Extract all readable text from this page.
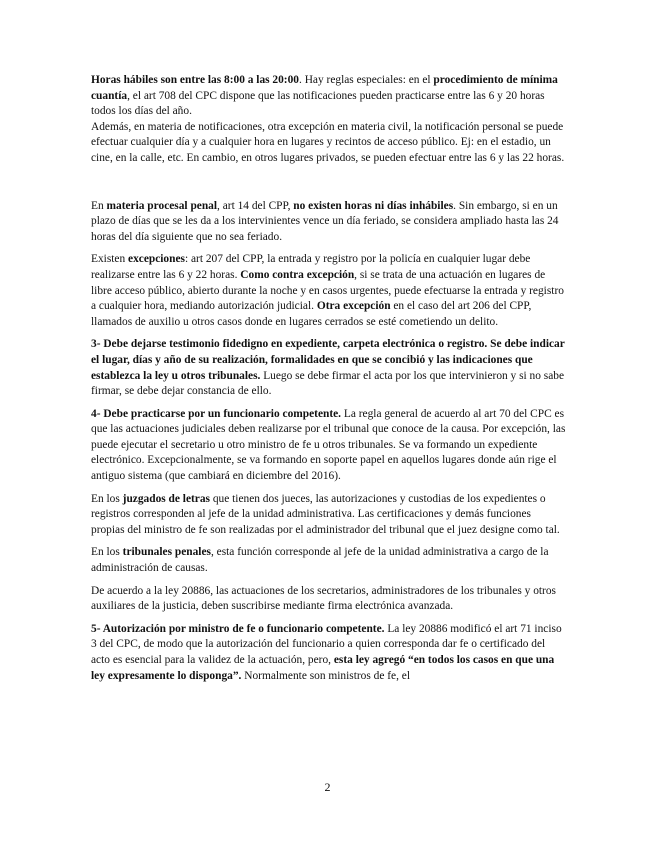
Horas hábiles son entre las 8:00 a las 20:00. Hay reglas especiales: en el procedimiento de mínima cuantía, el art 708 del CPC dispone que las notificaciones pueden practicarse entre las 6 y 20 horas todos los días del año.

Además, en materia de notificaciones, otra excepción en materia civil, la notificación personal se puede efectuar cualquier día y a cualquier hora en lugares y recintos de acceso público. Ej: en el estadio, un cine, en la calle, etc. En cambio, en otros lugares privados, se pueden efectuar entre las 6 y las 22 horas.

En materia procesal penal, art 14 del CPP, no existen horas ni días inhábiles. Sin embargo, si en un plazo de días que se les da a los intervinientes vence un día feriado, se considera ampliado hasta las 24 horas del día siguiente que no sea feriado.

Existen excepciones: art 207 del CPP, la entrada y registro por la policía en cualquier lugar debe realizarse entre las 6 y 22 horas. Como contra excepción, si se trata de una actuación en lugares de libre acceso público, abierto durante la noche y en casos urgentes, puede efectuarse la entrada y registro a cualquier hora, mediando autorización judicial. Otra excepción en el caso del art 206 del CPP, llamados de auxilio u otros casos donde en lugares cerrados se esté cometiendo un delito.

3- Debe dejarse testimonio fidedigno en expediente, carpeta electrónica o registro. Se debe indicar el lugar, días y año de su realización, formalidades en que se concibió y las indicaciones que establezca la ley u otros tribunales. Luego se debe firmar el acta por los que intervinieron y si no sabe firmar, se debe dejar constancia de ello.

4- Debe practicarse por un funcionario competente. La regla general de acuerdo al art 70 del CPC es que las actuaciones judiciales deben realizarse por el tribunal que conoce de la causa. Por excepción, las puede ejecutar el secretario u otro ministro de fe u otros tribunales. Se va formando un expediente electrónico. Excepcionalmente, se va formando en soporte papel en aquellos lugares donde aún rige el antiguo sistema (que cambiará en diciembre del 2016).

En los juzgados de letras que tienen dos jueces, las autorizaciones y custodias de los expedientes o registros corresponden al jefe de la unidad administrativa. Las certificaciones y demás funciones propias del ministro de fe son realizadas por el administrador del tribunal que el juez designe como tal.

En los tribunales penales, esta función corresponde al jefe de la unidad administrativa a cargo de la administración de causas.

De acuerdo a la ley 20886, las actuaciones de los secretarios, administradores de los tribunales y otros auxiliares de la justicia, deben suscribirse mediante firma electrónica avanzada.

5- Autorización por ministro de fe o funcionario competente. La ley 20886 modificó el art 71 inciso 3 del CPC, de modo que la autorización del funcionario a quien corresponda dar fe o certificado del acto es esencial para la validez de la actuación, pero, esta ley agregó “en todos los casos en que una ley expresamente lo disponga”. Normalmente son ministros de fe, el

2
